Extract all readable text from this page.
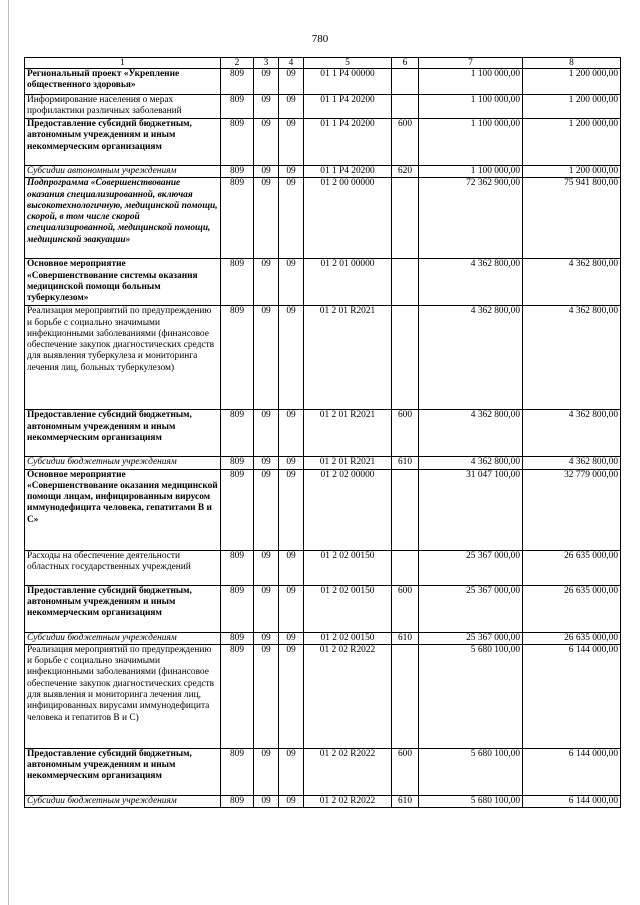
780
1	2	3	4	5	6	7	8
Региональный проект «Укрепление общественного здоровья»	809	09	09	01 1 P4 00000		1 100 000,00	1 200 000,00
Информирование населения о мерах профилактики различных заболеваний	809	09	09	01 1 P4 20200		1 100 000,00	1 200 000,00
Предоставление субсидий бюджетным, автономным учреждениям и иным некоммерческим организациям	809	09	09	01 1 P4 20200	600	1 100 000,00	1 200 000,00
Субсидии автономным учреждениям	809	09	09	01 1 P4 20200	620	1 100 000,00	1 200 000,00
Подпрограмма «Совершенствование оказания специализированной, включая высокотехнологичную, медицинской помощи, скорой, в том числе скорой специализированной, медицинской помощи, медицинской эвакуации»	809	09	09	01 2 00 00000		72 362 900,00	75 941 800,00
Основное мероприятие «Совершенствование системы оказания медицинской помощи больным туберкулезом»	809	09	09	01 2 01 00000		4 362 800,00	4 362 800,00
Реализация мероприятий по предупреждению и борьбе с социально значимыми инфекционными заболеваниями (финансовое обеспечение закупок диагностических средств для выявления туберкулеза и мониторинга лечения лиц, больных туберкулезом)	809	09	09	01 2 01 R2021		4 362 800,00	4 362 800,00
Предоставление субсидий бюджетным, автономным учреждениям и иным некоммерческим организациям	809	09	09	01 2 01 R2021	600	4 362 800,00	4 362 800,00
Субсидии бюджетным учреждениям	809	09	09	01 2 01 R2021	610	4 362 800,00	4 362 800,00
Основное мероприятие «Совершенствование оказания медицинской помощи лицам, инфицированным вирусом иммунодефицита человека, гепатитами В и С»	809	09	09	01 2 02 00000		31 047 100,00	32 779 000,00
Расходы на обеспечение деятельности областных государственных учреждений	809	09	09	01 2 02 00150		25 367 000,00	26 635 000,00
Предоставление субсидий бюджетным, автономным учреждениям и иным некоммерческим организациям	809	09	09	01 2 02 00150	600	25 367 000,00	26 635 000,00
Субсидии бюджетным учреждениям	809	09	09	01 2 02 00150	610	25 367 000,00	26 635 000,00
Реализация мероприятий по предупреждению и борьбе с социально значимыми инфекционными заболеваниями (финансовое обеспечение закупок диагностических средств для выявления и мониторинга лечения лиц, инфицированных вирусами иммунодефицита человека и гепатитов В и С)	809	09	09	01 2 02 R2022		5 680 100,00	6 144 000,00
Предоставление субсидий бюджетным, автономным учреждениям и иным некоммерческим организациям	809	09	09	01 2 02 R2022	600	5 680 100,00	6 144 000,00
Субсидии бюджетным учреждениям	809	09	09	01 2 02 R2022	610	5 680 100,00	6 144 000,00
